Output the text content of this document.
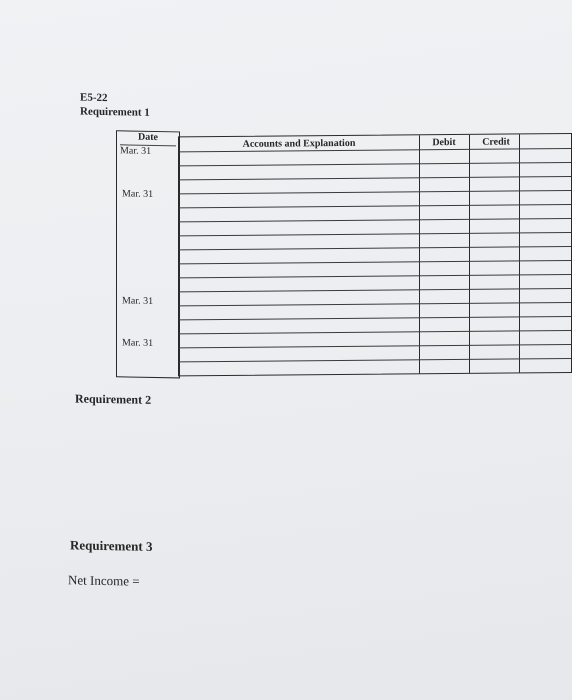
E5-22
Requirement 1
Date
Mar. 31
Mar. 31
Mar. 31
Mar. 31
Accounts and Explanation	Debit	Credit
Requirement 2
Requirement 3
Net Income =
